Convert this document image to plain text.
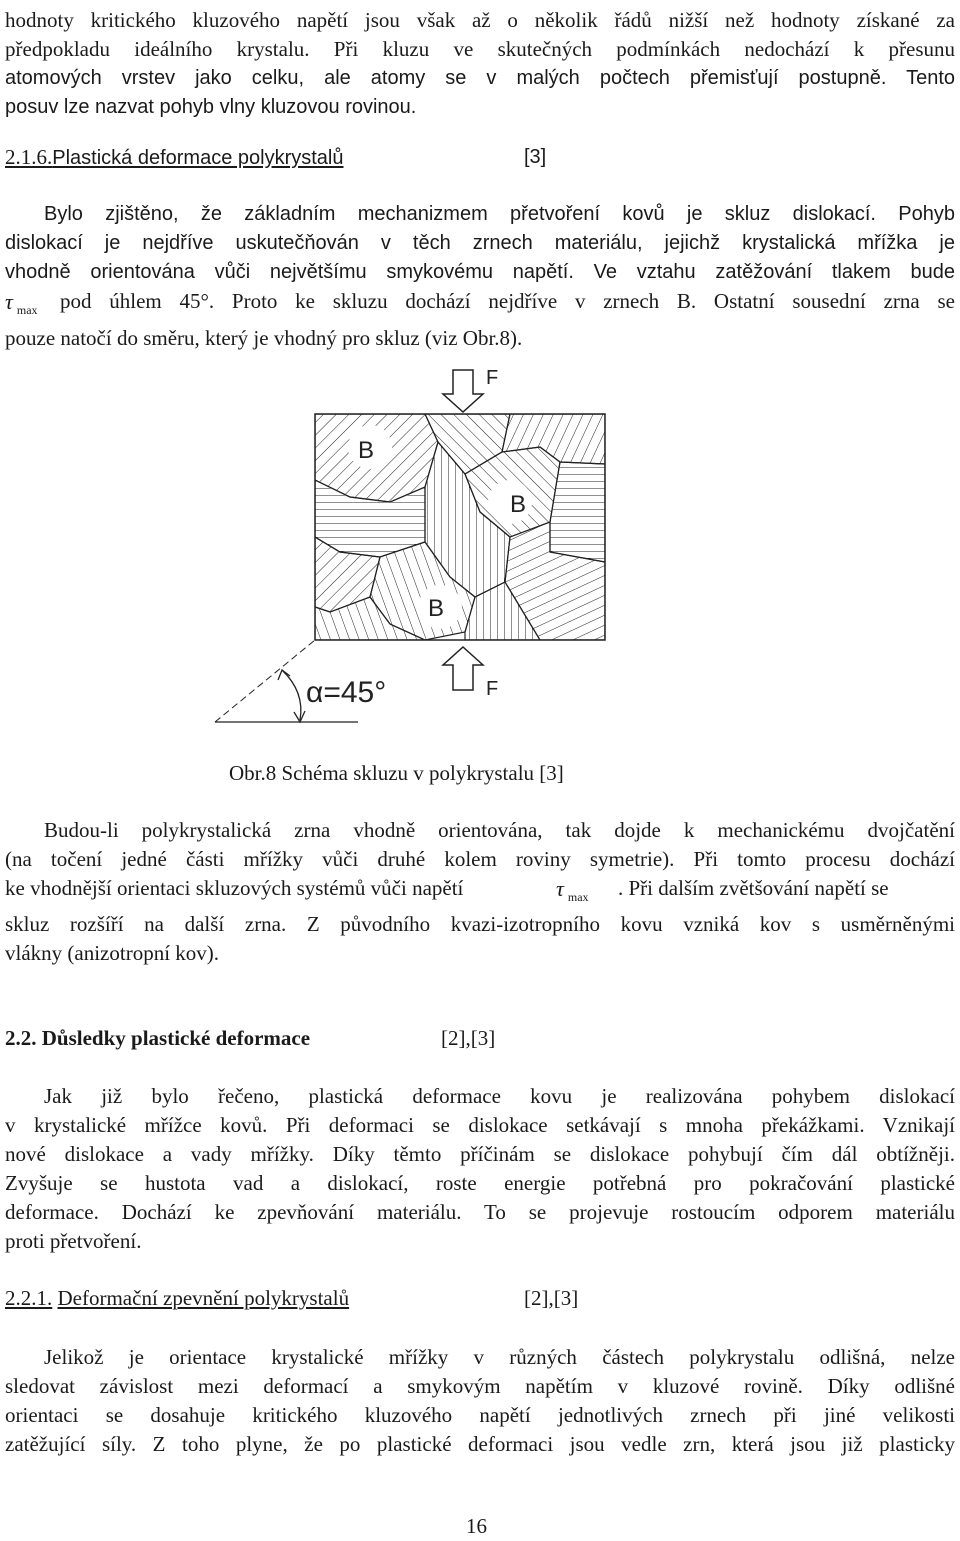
hodnoty kritického kluzového napětí jsou však až o několik řádů nižší než hodnoty získané za
předpokladu ideálního krystalu. Při kluzu ve skutečných podmínkách nedochází k přesunu
atomových vrstev jako celku, ale atomy se v malých počtech přemisťují postupně. Tento
posuv lze nazvat pohyb vlny kluzovou rovinou.
2.1.6.Plastická deformace polykrystalů	[3]
Bylo zjištěno, že základním mechanizmem přetvoření kovů je skluz dislokací. Pohyb
dislokací je nejdříve uskutečňován v těch zrnech materiálu, jejichž krystalická mřížka je
vhodně orientována vůči největšímu smykovému napětí. Ve vztahu zatěžování tlakem bude
τ $_{max}$ pod úhlem 45°. Proto ke skluzu dochází nejdříve v zrnech B. Ostatní sousední zrna se
pouze natočí do směru, který je vhodný pro skluz (viz Obr.8).
F
B
B
B
F
α=45°
Obr.8 Schéma skluzu v polykrystalu [3]
Budou-li polykrystalická zrna vhodně orientována, tak dojde k mechanickému dvojčatění
(na točení jedné části mřížky vůči druhé kolem roviny symetrie). Při tomto procesu dochází
ke vhodnější orientaci skluzových systémů vůči napětí	τ $_{max}$ . Při dalším zvětšování napětí se
skluz rozšíří na další zrna. Z původního kvazi-izotropního kovu vzniká kov s usměrněnými
vlákny (anizotropní kov).
2.2. Důsledky plastické deformace	[2],[3]
Jak již bylo řečeno, plastická deformace kovu je realizována pohybem dislokací
v krystalické mřížce kovů. Při deformaci se dislokace setkávají s mnoha překážkami. Vznikají
nové dislokace a vady mřížky. Díky těmto příčinám se dislokace pohybují čím dál obtížněji.
Zvyšuje se hustota vad a dislokací, roste energie potřebná pro pokračování plastické
deformace. Dochází ke zpevňování materiálu. To se projevuje rostoucím odporem materiálu
proti přetvoření.
2.2.1. Deformační zpevnění polykrystalů	[2],[3]
Jelikož je orientace krystalické mřížky v různých částech polykrystalu odlišná, nelze
sledovat závislost mezi deformací a smykovým napětím v kluzové rovině. Díky odlišné
orientaci se dosahuje kritického kluzového napětí jednotlivých zrnech při jiné velikosti
zatěžující síly. Z toho plyne, že po plastické deformaci jsou vedle zrn, která jsou již plasticky
16
